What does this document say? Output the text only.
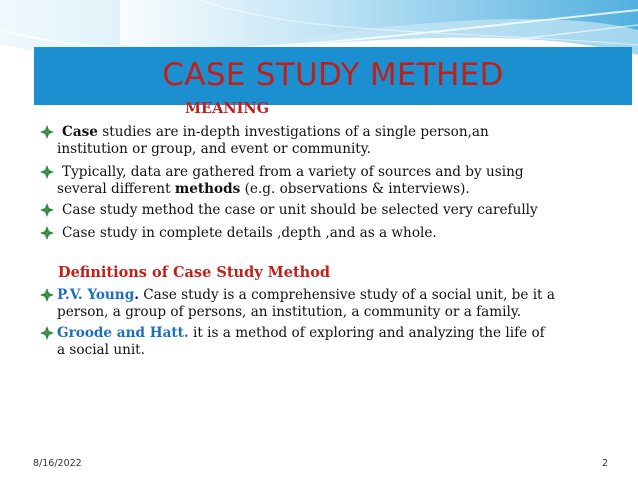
CASE STUDY METHED
MEANING
Case studies are in-depth investigations of a single person,an
institution or group, and event or community.
Typically, data are gathered from a variety of sources and by using
several different methods (e.g. observations & interviews).
Case study method the case or unit should be selected very carefully
Case study in complete details ,depth ,and as a whole.
Definitions of Case Study Method
P.V. Young. Case study is a comprehensive study of a social unit, be it a
person, a group of persons, an institution, a community or a family.
Groode and Hatt. it is a method of exploring and analyzing the life of
a social unit.
8/16/2022	2
